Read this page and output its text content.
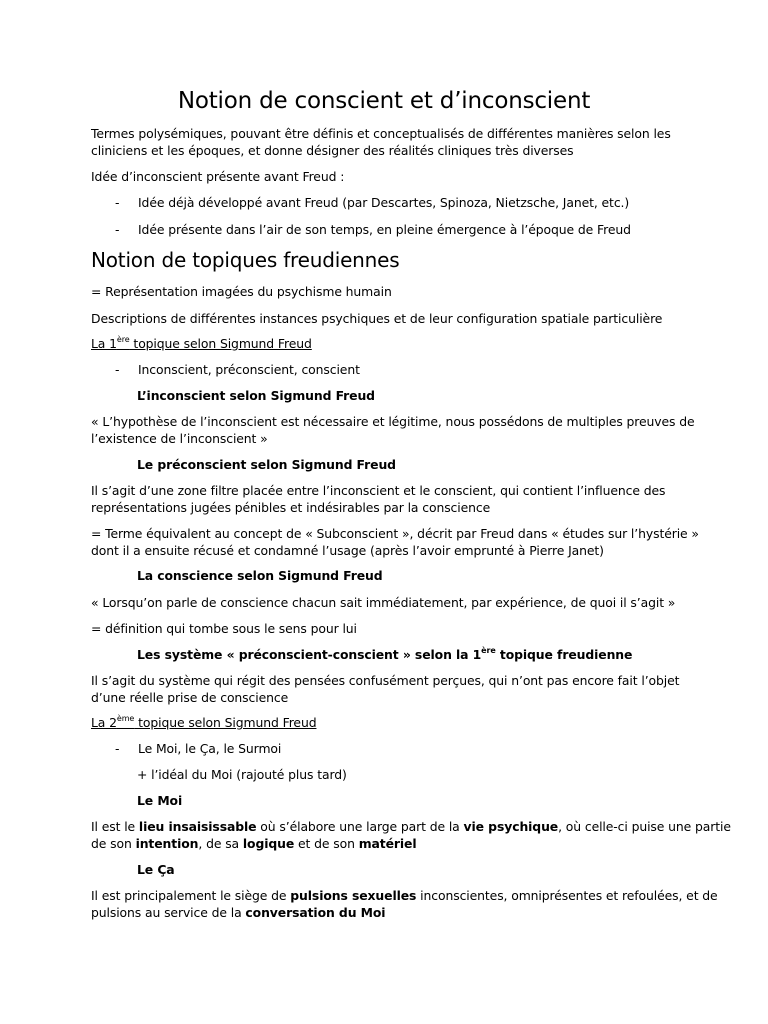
Notion de conscient et d’inconscient
Termes polysémiques, pouvant être définis et conceptualisés de différentes manières selon les
cliniciens et les époques, et donne désigner des réalités cliniques très diverses
Idée d’inconscient présente avant Freud :
- Idée déjà développé avant Freud (par Descartes, Spinoza, Nietzsche, Janet, etc.)
- Idée présente dans l’air de son temps, en pleine émergence à l’époque de Freud
Notion de topiques freudiennes
= Représentation imagées du psychisme humain
Descriptions de différentes instances psychiques et de leur configuration spatiale particulière
La 1ère topique selon Sigmund Freud
- Inconscient, préconscient, conscient
L’inconscient selon Sigmund Freud
« L’hypothèse de l’inconscient est nécessaire et légitime, nous possédons de multiples preuves de
l’existence de l’inconscient »
Le préconscient selon Sigmund Freud
Il s’agit d’une zone filtre placée entre l’inconscient et le conscient, qui contient l’influence des
représentations jugées pénibles et indésirables par la conscience
= Terme équivalent au concept de « Subconscient », décrit par Freud dans « études sur l’hystérie »
dont il a ensuite récusé et condamné l’usage (après l’avoir emprunté à Pierre Janet)
La conscience selon Sigmund Freud
« Lorsqu’on parle de conscience chacun sait immédiatement, par expérience, de quoi il s’agit »
= définition qui tombe sous le sens pour lui
Les système « préconscient-conscient » selon la 1ère topique freudienne
Il s’agit du système qui régit des pensées confusément perçues, qui n’ont pas encore fait l’objet
d’une réelle prise de conscience
La 2ème topique selon Sigmund Freud
- Le Moi, le Ça, le Surmoi
+ l’idéal du Moi (rajouté plus tard)
Le Moi
Il est le lieu insaisissable où s’élabore une large part de la vie psychique, où celle-ci puise une partie
de son intention, de sa logique et de son matériel
Le Ça
Il est principalement le siège de pulsions sexuelles inconscientes, omniprésentes et refoulées, et de
pulsions au service de la conversation du Moi
